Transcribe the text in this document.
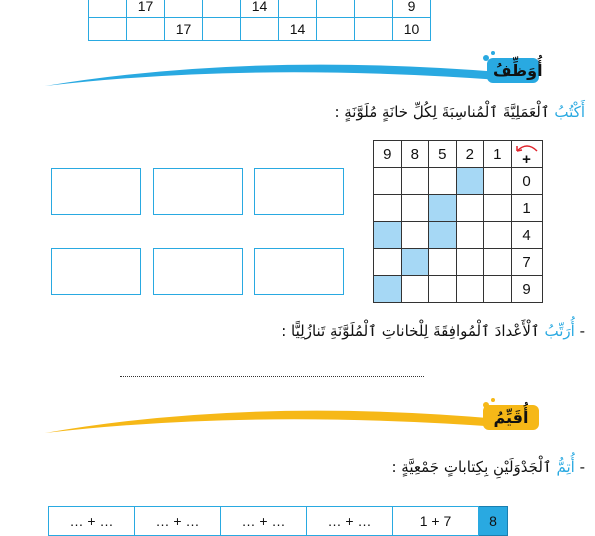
	17			14				9
		17			14			10
أُوَظِّفُ
أَكْتُبُ ٱلْعَمَلِيَّةَ ٱلْمُناسِبَةَ لِكُلِّ خانَةٍ مُلَوَّنَةٍ :
9	8	5	2	1	+
					0
					1
					4
					7
					9
- أُرَتِّبُ ٱلْأَعْدادَ ٱلْمُوافِقَةَ لِلْخاناتِ ٱلْمُلَوَّنَةِ تَنازُلِيًّا :
أُقَيِّمُ
- أُتِمُّ ٱلْجَدْوَلَيْنِ بِكِتاباتٍ جَمْعِيَّةٍ :
… + …	… + …	… + …	… + …	1 + 7	8
